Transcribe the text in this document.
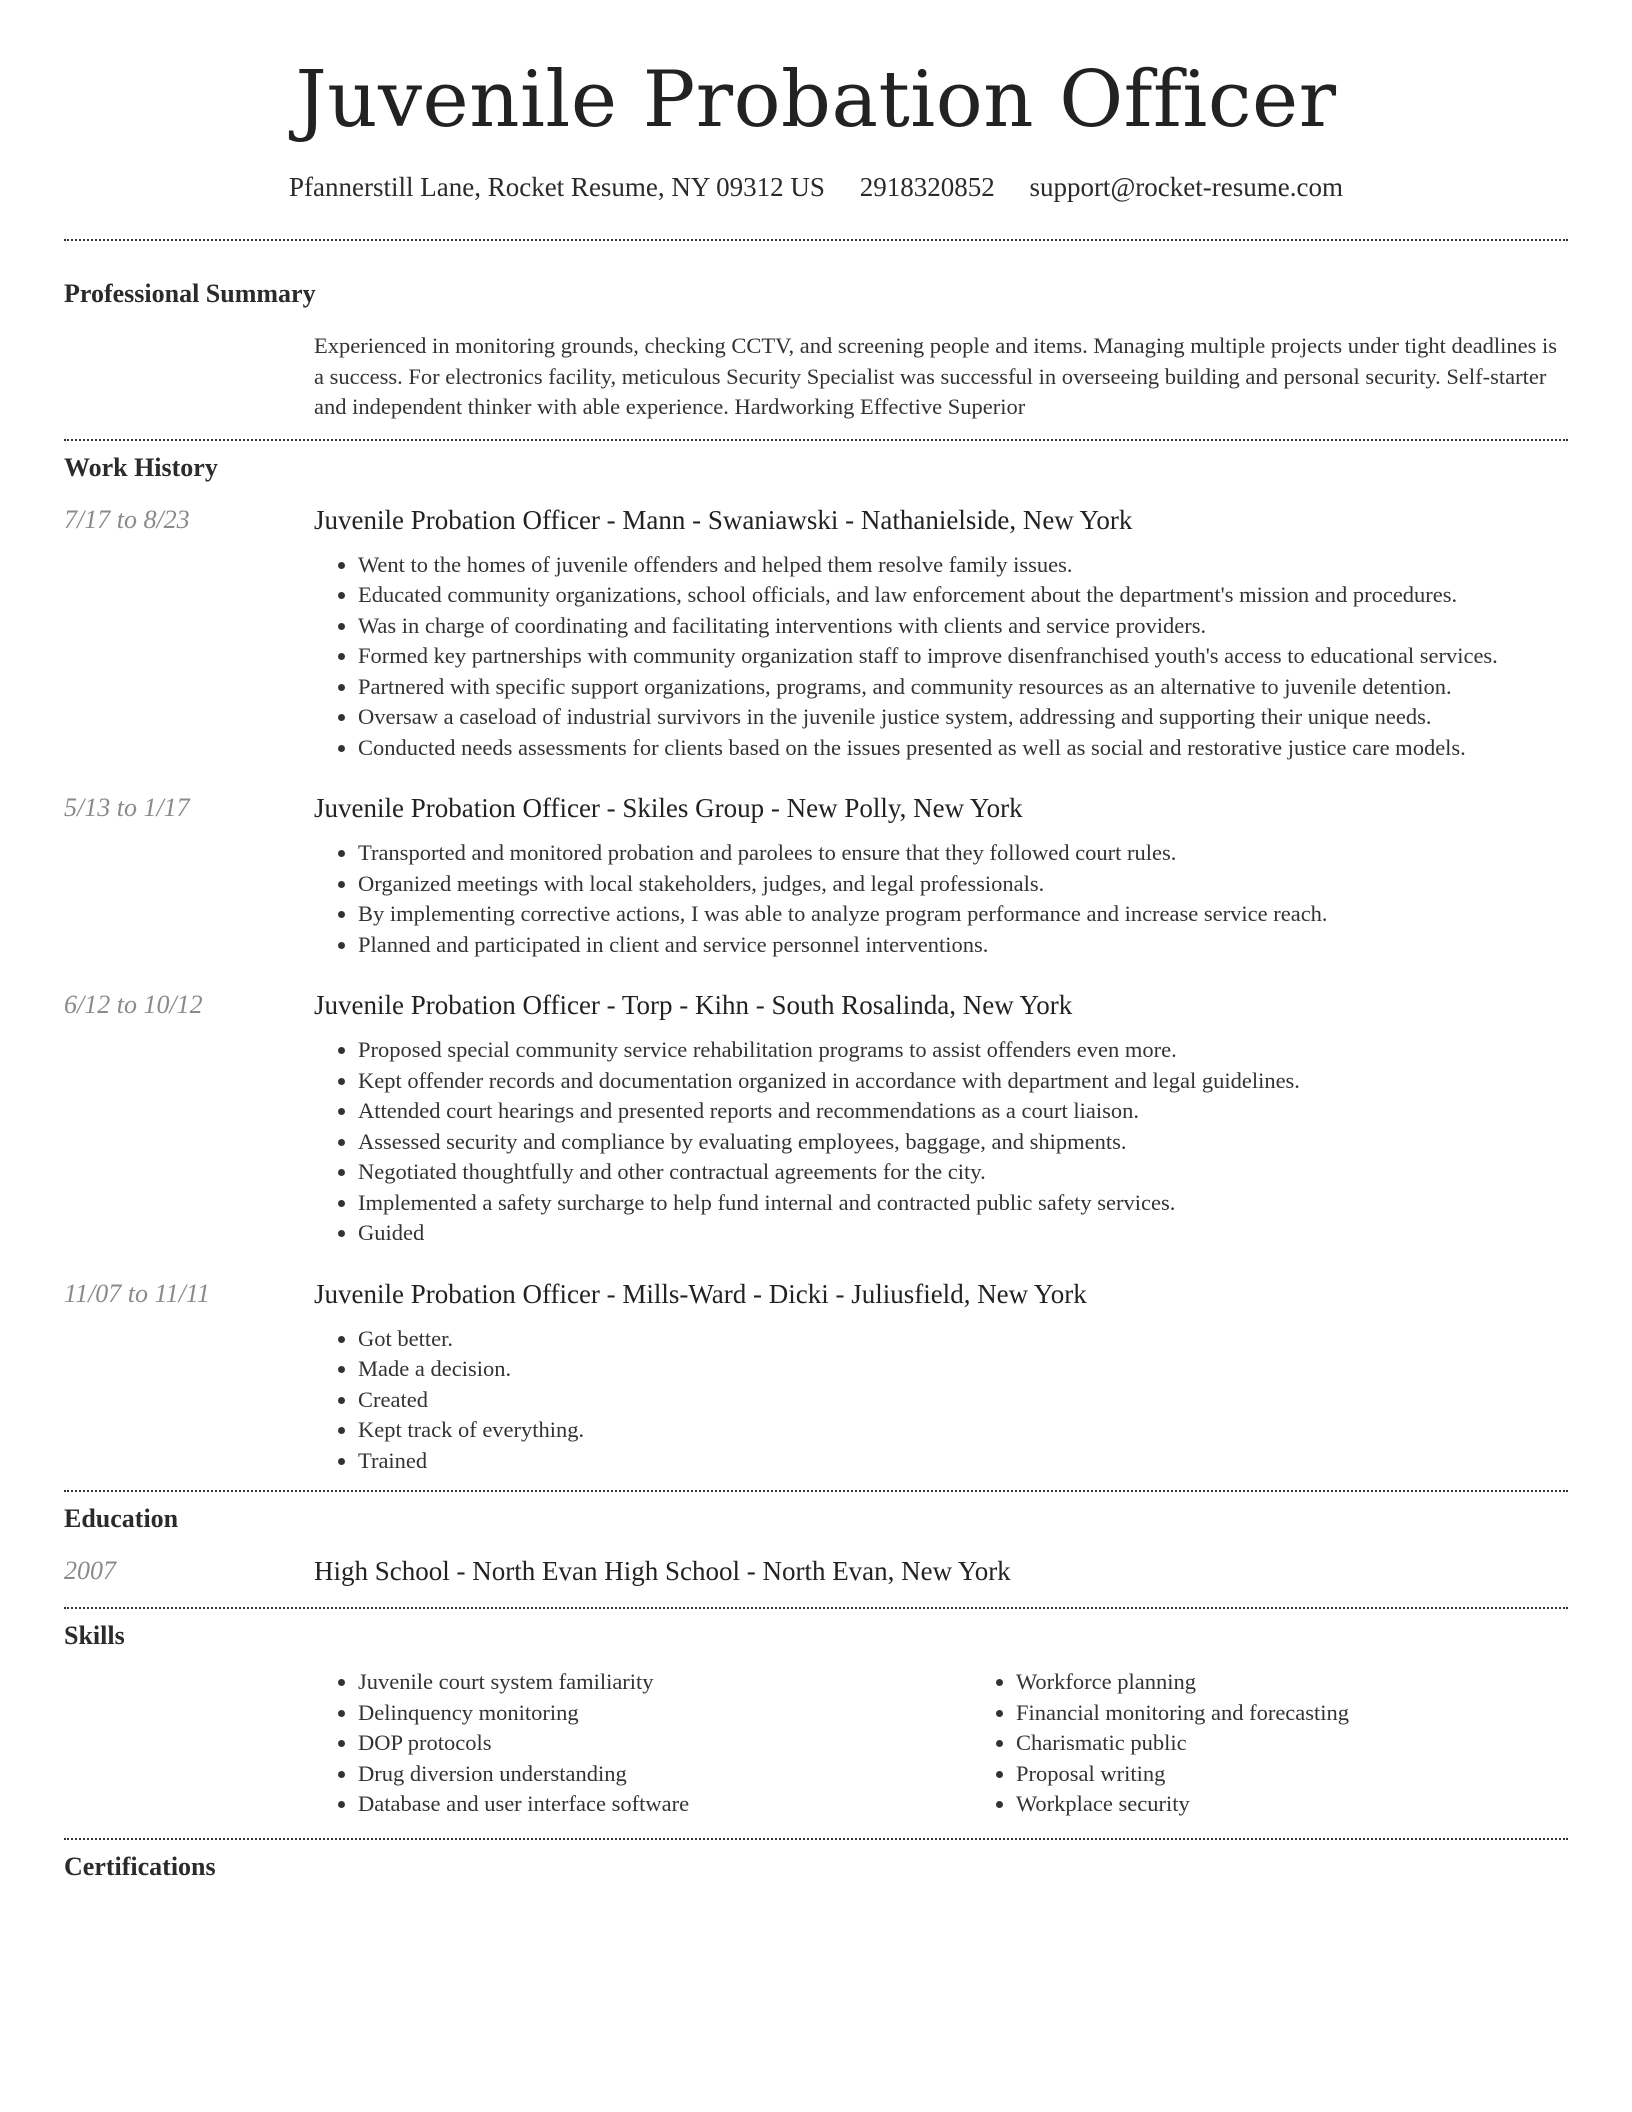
Juvenile Probation Officer
Pfannerstill Lane, Rocket Resume, NY 09312 US 2918320852 support@rocket-resume.com
Professional Summary
Experienced in monitoring grounds, checking CCTV, and screening people and items. Managing multiple projects under tight deadlines is a success. For electronics facility, meticulous Security Specialist was successful in overseeing building and personal security. Self-starter and independent thinker with able experience. Hardworking Effective Superior
Work History
7/17 to 8/23	Juvenile Probation Officer - Mann - Swaniawski - Nathanielside, New York
• Went to the homes of juvenile offenders and helped them resolve family issues.
• Educated community organizations, school officials, and law enforcement about the department's mission and procedures.
• Was in charge of coordinating and facilitating interventions with clients and service providers.
• Formed key partnerships with community organization staff to improve disenfranchised youth's access to educational services.
• Partnered with specific support organizations, programs, and community resources as an alternative to juvenile detention.
• Oversaw a caseload of industrial survivors in the juvenile justice system, addressing and supporting their unique needs.
• Conducted needs assessments for clients based on the issues presented as well as social and restorative justice care models.
5/13 to 1/17	Juvenile Probation Officer - Skiles Group - New Polly, New York
• Transported and monitored probation and parolees to ensure that they followed court rules.
• Organized meetings with local stakeholders, judges, and legal professionals.
• By implementing corrective actions, I was able to analyze program performance and increase service reach.
• Planned and participated in client and service personnel interventions.
6/12 to 10/12	Juvenile Probation Officer - Torp - Kihn - South Rosalinda, New York
• Proposed special community service rehabilitation programs to assist offenders even more.
• Kept offender records and documentation organized in accordance with department and legal guidelines.
• Attended court hearings and presented reports and recommendations as a court liaison.
• Assessed security and compliance by evaluating employees, baggage, and shipments.
• Negotiated thoughtfully and other contractual agreements for the city.
• Implemented a safety surcharge to help fund internal and contracted public safety services.
• Guided
11/07 to 11/11	Juvenile Probation Officer - Mills-Ward - Dicki - Juliusfield, New York
• Got better.
• Made a decision.
• Created
• Kept track of everything.
• Trained
Education
2007	High School - North Evan High School - North Evan, New York
Skills
• Juvenile court system familiarity
• Delinquency monitoring
• DOP protocols
• Drug diversion understanding
• Database and user interface software
• Workforce planning
• Financial monitoring and forecasting
• Charismatic public
• Proposal writing
• Workplace security
Certifications
